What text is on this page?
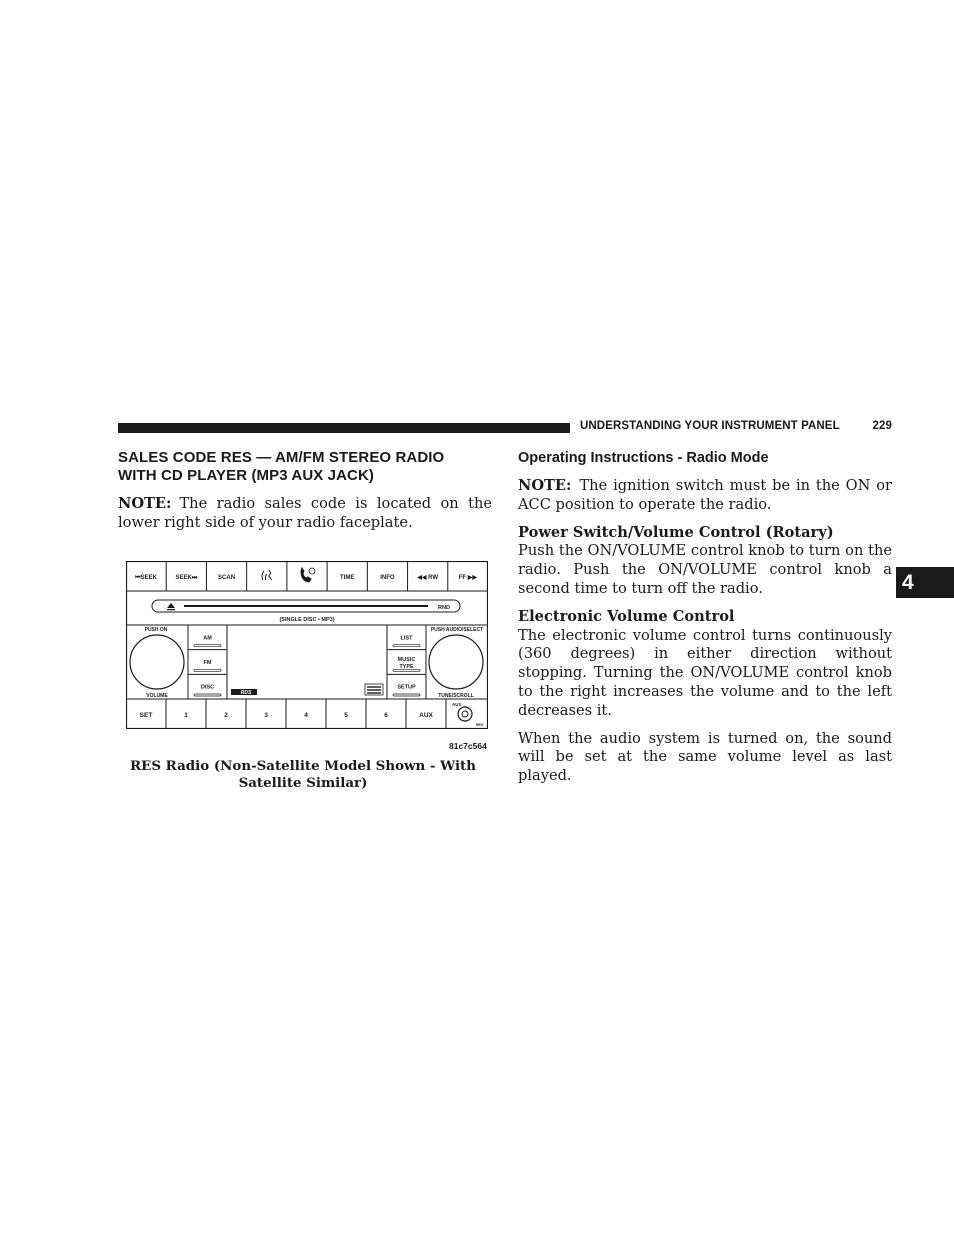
UNDERSTANDING YOUR INSTRUMENT PANEL	229
4
SALES CODE RES — AM/FM STEREO RADIO
WITH CD PLAYER (MP3 AUX JACK)

NOTE: The radio sales code is located on the lower right side of your radio faceplate.

⏮SEEK	SEEK⏭	SCAN	TIME	INFO	◀◀ RW	FF ▶▶
RND
(SINGLE DISC • MP3)
PUSH ON
VOLUME
PUSH AUDIO/SELECT
TUNE/SCROLL
AM
FM
DISC
LIST
MUSIC
TYPE
SETUP
RDS
SET	1	2	3	4	5	6	AUX
AUX
RES
81c7c564
RES Radio (Non-Satellite Model Shown - With Satellite Similar)
Operating Instructions - Radio Mode

NOTE: The ignition switch must be in the ON or ACC position to operate the radio.

Power Switch/Volume Control (Rotary)

Push the ON/VOLUME control knob to turn on the radio. Push the ON/VOLUME control knob a second time to turn off the radio.

Electronic Volume Control

The electronic volume control turns continuously (360 degrees) in either direction without stopping. Turning the ON/VOLUME control knob to the right increases the volume and to the left decreases it.

When the audio system is turned on, the sound will be set at the same volume level as last played.
